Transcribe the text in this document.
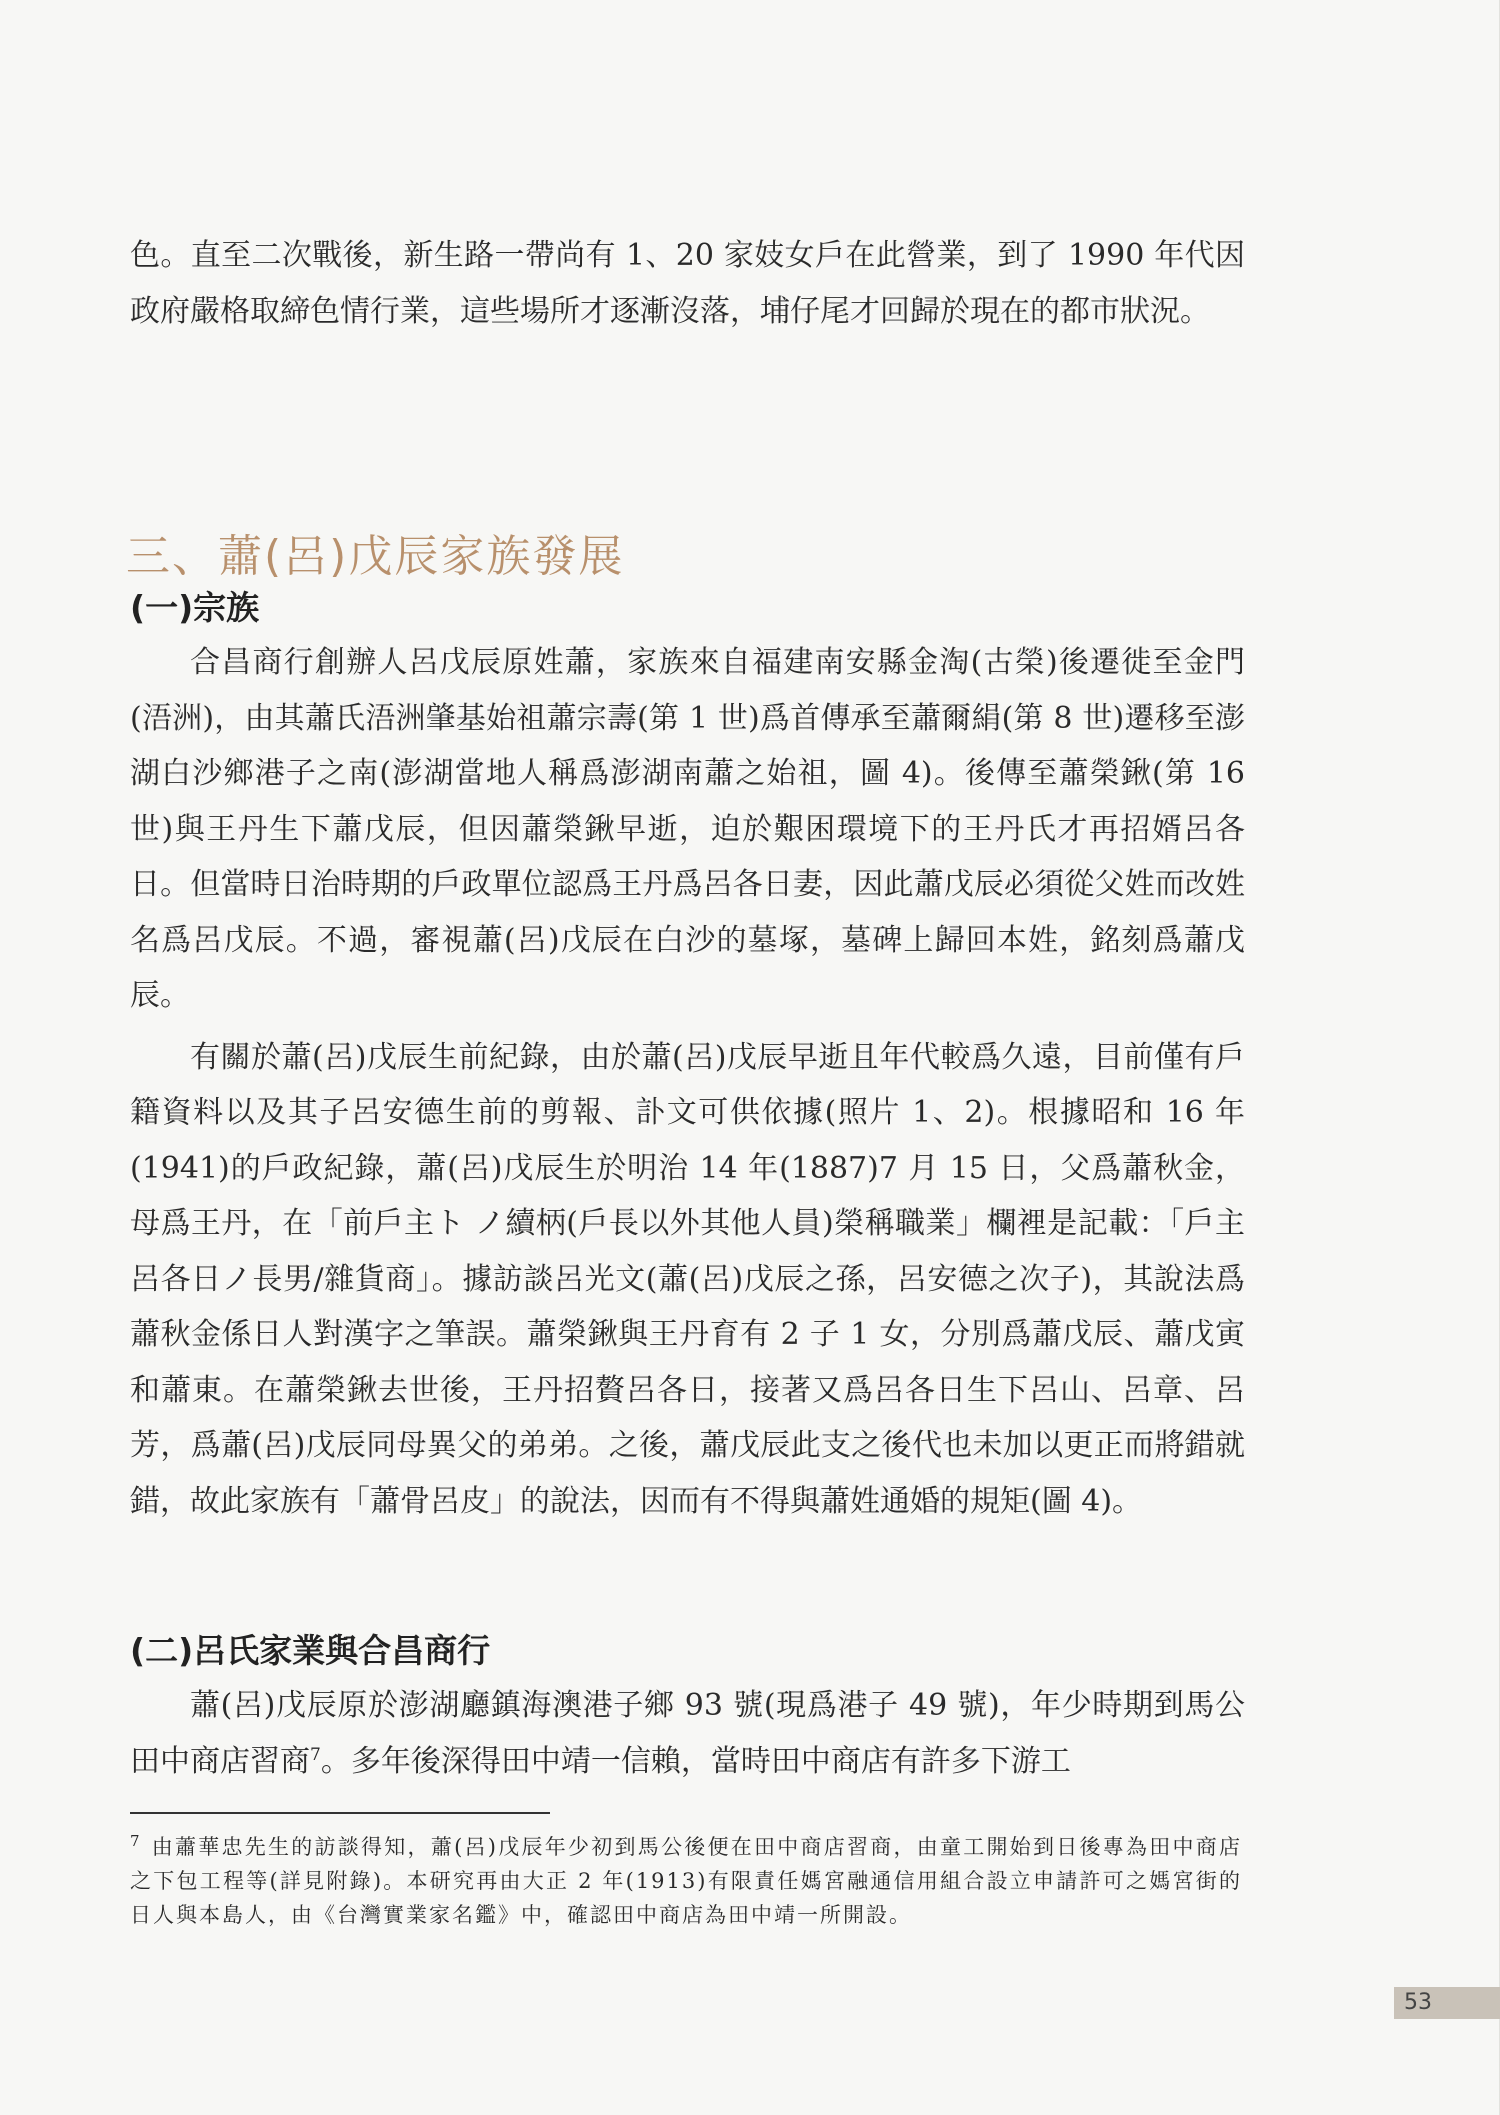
色。直至二次戰後，新生路一帶尚有 1、20 家妓女戶在此營業，到了 1990 年代因政府嚴格取締色情行業，這些場所才逐漸沒落，埔仔尾才回歸於現在的都市狀況。

三、蕭(呂)戊辰家族發展
(一)宗族

合昌商行創辦人呂戊辰原姓蕭，家族來自福建南安縣金淘(古榮)後遷徙至金門(浯洲)，由其蕭氏浯洲肇基始祖蕭宗壽(第 1 世)爲首傳承至蕭爾絹(第 8 世)遷移至澎湖白沙鄉港子之南(澎湖當地人稱爲澎湖南蕭之始祖，圖 4)。後傳至蕭榮鍬(第 16 世)與王丹生下蕭戊辰，但因蕭榮鍬早逝，迫於艱困環境下的王丹氏才再招婿呂各日。但當時日治時期的戶政單位認爲王丹爲呂各日妻，因此蕭戊辰必須從父姓而改姓名爲呂戊辰。不過，審視蕭(呂)戊辰在白沙的墓塚，墓碑上歸回本姓，銘刻爲蕭戊辰。

有關於蕭(呂)戊辰生前紀錄，由於蕭(呂)戊辰早逝且年代較爲久遠，目前僅有戶籍資料以及其子呂安德生前的剪報、訃文可供依據(照片 1、2)。根據昭和 16 年 (1941)的戶政紀錄，蕭(呂)戊辰生於明治 14 年(1887)7 月 15 日，父爲蕭秋金，母爲王丹，在「前戶主ト ノ續柄(戶長以外其他人員)榮稱職業」欄裡是記載：「戶主呂各日ノ長男/雜貨商」。據訪談呂光文(蕭(呂)戊辰之孫，呂安德之次子)，其說法爲蕭秋金係日人對漢字之筆誤。蕭榮鍬與王丹育有 2 子 1 女，分別爲蕭戊辰、蕭戊寅和蕭東。在蕭榮鍬去世後，王丹招贅呂各日，接著又爲呂各日生下呂山、呂章、呂芳，爲蕭(呂)戊辰同母異父的弟弟。之後，蕭戊辰此支之後代也未加以更正而將錯就錯，故此家族有「蕭骨呂皮」的說法，因而有不得與蕭姓通婚的規矩(圖 4)。

(二)呂氏家業與合昌商行

蕭(呂)戊辰原於澎湖廳鎮海澳港子鄉 93 號(現爲港子 49 號)，年少時期到馬公田中商店習商$^7$。多年後深得田中靖一信賴，當時田中商店有許多下游工

$^7$ 由蕭華忠先生的訪談得知，蕭(呂)戊辰年少初到馬公後便在田中商店習商，由童工開始到日後專為田中商店之下包工程等(詳見附錄)。本研究再由大正 2 年(1913)有限責任媽宮融通信用組合設立申請許可之媽宮街的日人與本島人，由《台灣實業家名鑑》中，確認田中商店為田中靖一所開設。

53
